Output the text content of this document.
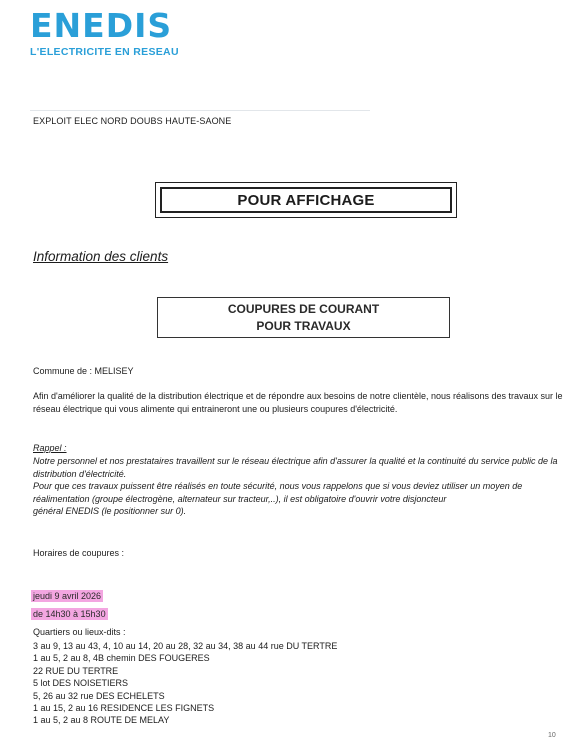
ENEDIS
L'ELECTRICITE EN RESEAU
EXPLOIT ELEC NORD DOUBS HAUTE-SAONE
POUR AFFICHAGE
Information des clients
COUPURES DE COURANT
POUR TRAVAUX
Commune de : MELISEY
Afin d'améliorer la qualité de la distribution électrique et de répondre aux besoins de notre clientèle, nous réalisons des travaux sur le réseau électrique qui vous alimente qui entraineront une ou plusieurs coupures d'électricité.
Rappel :

Notre personnel et nos prestataires travaillent sur le réseau électrique afin d'assurer la qualité et la continuité du service public de la distribution d'électricité.

Pour que ces travaux puissent être réalisés en toute sécurité, nous vous rappelons que si vous deviez utiliser un moyen de réalimentation (groupe électrogène, alternateur sur tracteur,..), il est obligatoire d'ouvrir votre disjoncteur

général ENEDIS (le positionner sur 0).

Horaires de coupures :
jeudi 9 avril 2026
de 14h30 à 15h30
Quartiers ou lieux-dits :
3 au 9, 13 au 43, 4, 10 au 14, 20 au 28, 32 au 34, 38 au 44 rue DU TERTRE
1 au 5, 2 au 8, 4B chemin DES FOUGERES
22 RUE DU TERTRE
5 lot DES NOISETIERS
5, 26 au 32 rue DES ECHELETS
1 au 15, 2 au 16 RESIDENCE LES FIGNETS
1 au 5, 2 au 8 ROUTE DE MELAY
10
